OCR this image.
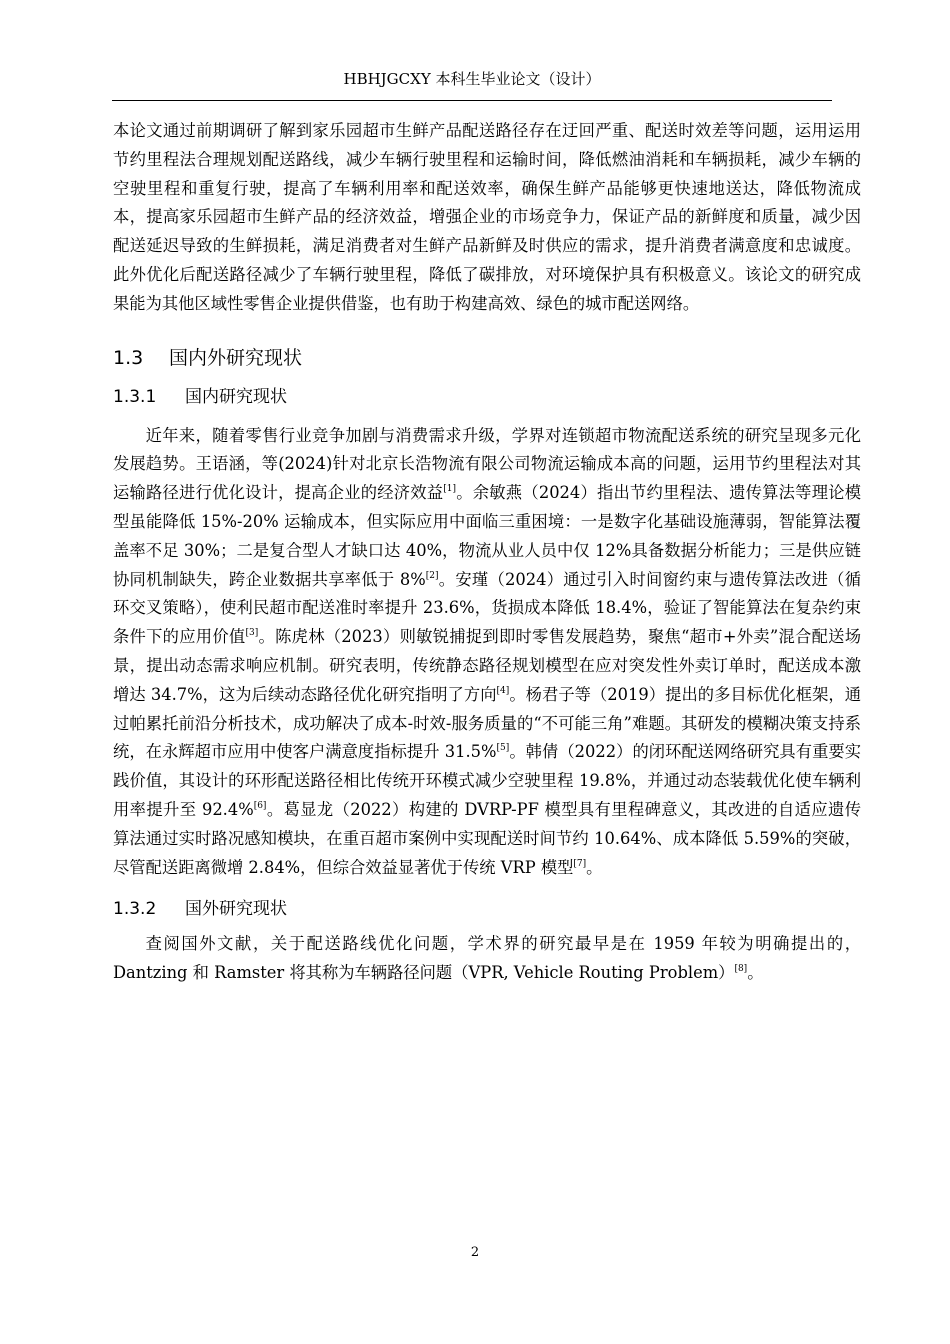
HBHJGCXY 本科生毕业论文（设计）

本论文通过前期调研了解到家乐园超市生鲜产品配送路径存在迂回严重、配送时效差等问题，运用运用节约里程法合理规划配送路线，减少车辆行驶里程和运输时间，降低燃油消耗和车辆损耗，减少车辆的空驶里程和重复行驶，提高了车辆利用率和配送效率，确保生鲜产品能够更快速地送达，降低物流成本，提高家乐园超市生鲜产品的经济效益，增强企业的市场竞争力，保证产品的新鲜度和质量，减少因配送延迟导致的生鲜损耗，满足消费者对生鲜产品新鲜及时供应的需求，提升消费者满意度和忠诚度。此外优化后配送路径减少了车辆行驶里程，降低了碳排放，对环境保护具有积极意义。该论文的研究成果能为其他区域性零售企业提供借鉴，也有助于构建高效、绿色的城市配送网络。

1.3 国内外研究现状
1.3.1 国内研究现状

近年来，随着零售行业竞争加剧与消费需求升级，学界对连锁超市物流配送系统的研究呈现多元化发展趋势。王语涵，等(2024)针对北京长浩物流有限公司物流运输成本高的问题，运用节约里程法对其运输路径进行优化设计，提高企业的经济效益[1]。余敏燕（2024）指出节约里程法、遗传算法等理论模型虽能降低 15%-20% 运输成本，但实际应用中面临三重困境：一是数字化基础设施薄弱，智能算法覆盖率不足 30%；二是复合型人才缺口达 40%，物流从业人员中仅 12%具备数据分析能力；三是供应链协同机制缺失，跨企业数据共享率低于 8%[2]。安瑾（2024）通过引入时间窗约束与遗传算法改进（循环交叉策略），使利民超市配送准时率提升 23.6%，货损成本降低 18.4%，验证了智能算法在复杂约束条件下的应用价值[3]。陈虎林（2023）则敏锐捕捉到即时零售发展趋势，聚焦“超市+外卖”混合配送场景，提出动态需求响应机制。研究表明，传统静态路径规划模型在应对突发性外卖订单时，配送成本激增达 34.7%，这为后续动态路径优化研究指明了方向[4]。杨君子等（2019）提出的多目标优化框架，通过帕累托前沿分析技术，成功解决了成本-时效-服务质量的“不可能三角”难题。其研发的模糊决策支持系统，在永辉超市应用中使客户满意度指标提升 31.5%[5]。韩倩（2022）的闭环配送网络研究具有重要实践价值，其设计的环形配送路径相比传统开环模式减少空驶里程 19.8%，并通过动态装载优化使车辆利用率提升至 92.4%[6]。葛显龙（2022）构建的 DVRP-PF 模型具有里程碑意义，其改进的自适应遗传算法通过实时路况感知模块，在重百超市案例中实现配送时间节约 10.64%、成本降低 5.59%的突破，尽管配送距离微增 2.84%，但综合效益显著优于传统 VRP 模型[7]。

1.3.2 国外研究现状

查阅国外文献，关于配送路线优化问题，学术界的研究最早是在 1959 年较为明确提出的，Dantzing 和 Ramster 将其称为车辆路径问题（VPR, Vehicle Routing Problem）[8]。

2
